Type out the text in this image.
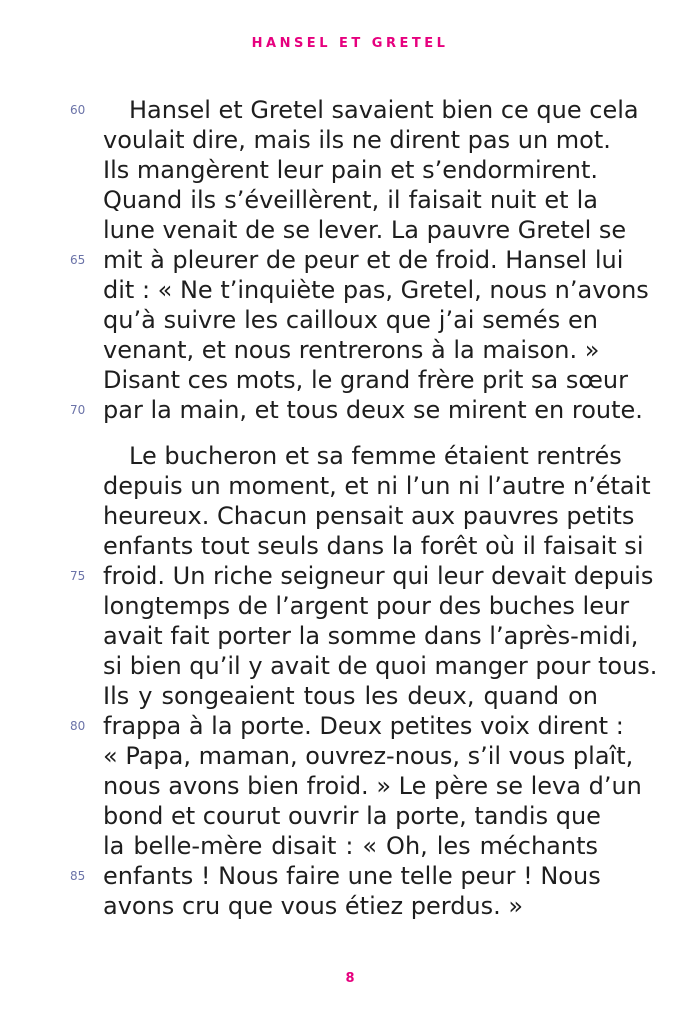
HANSEL ET GRETEL
Hansel et Gretel savaient bien ce que cela
voulait dire, mais ils ne dirent pas un mot.
Ils mangèrent leur pain et s’endormirent.
Quand ils s’éveillèrent, il faisait nuit et la
lune venait de se lever. La pauvre Gretel se
mit à pleurer de peur et de froid. Hansel lui
dit : « Ne t’inquiète pas, Gretel, nous n’avons
qu’à suivre les cailloux que j’ai semés en
venant, et nous rentrerons à la maison. »
Disant ces mots, le grand frère prit sa sœur
par la main, et tous deux se mirent en route.
Le bucheron et sa femme étaient rentrés
depuis un moment, et ni l’un ni l’autre n’était
heureux. Chacun pensait aux pauvres petits
enfants tout seuls dans la forêt où il faisait si
froid. Un riche seigneur qui leur devait depuis
longtemps de l’argent pour des buches leur
avait fait porter la somme dans l’après-midi,
si bien qu’il y avait de quoi manger pour tous.
Ils y songeaient tous les deux, quand on
frappa à la porte. Deux petites voix dirent :
« Papa, maman, ouvrez-nous, s’il vous plaît,
nous avons bien froid. » Le père se leva d’un
bond et courut ouvrir la porte, tandis que
la belle-mère disait : « Oh, les méchants
enfants ! Nous faire une telle peur ! Nous
avons cru que vous étiez perdus. »
60
65
70
75
80
85
8
